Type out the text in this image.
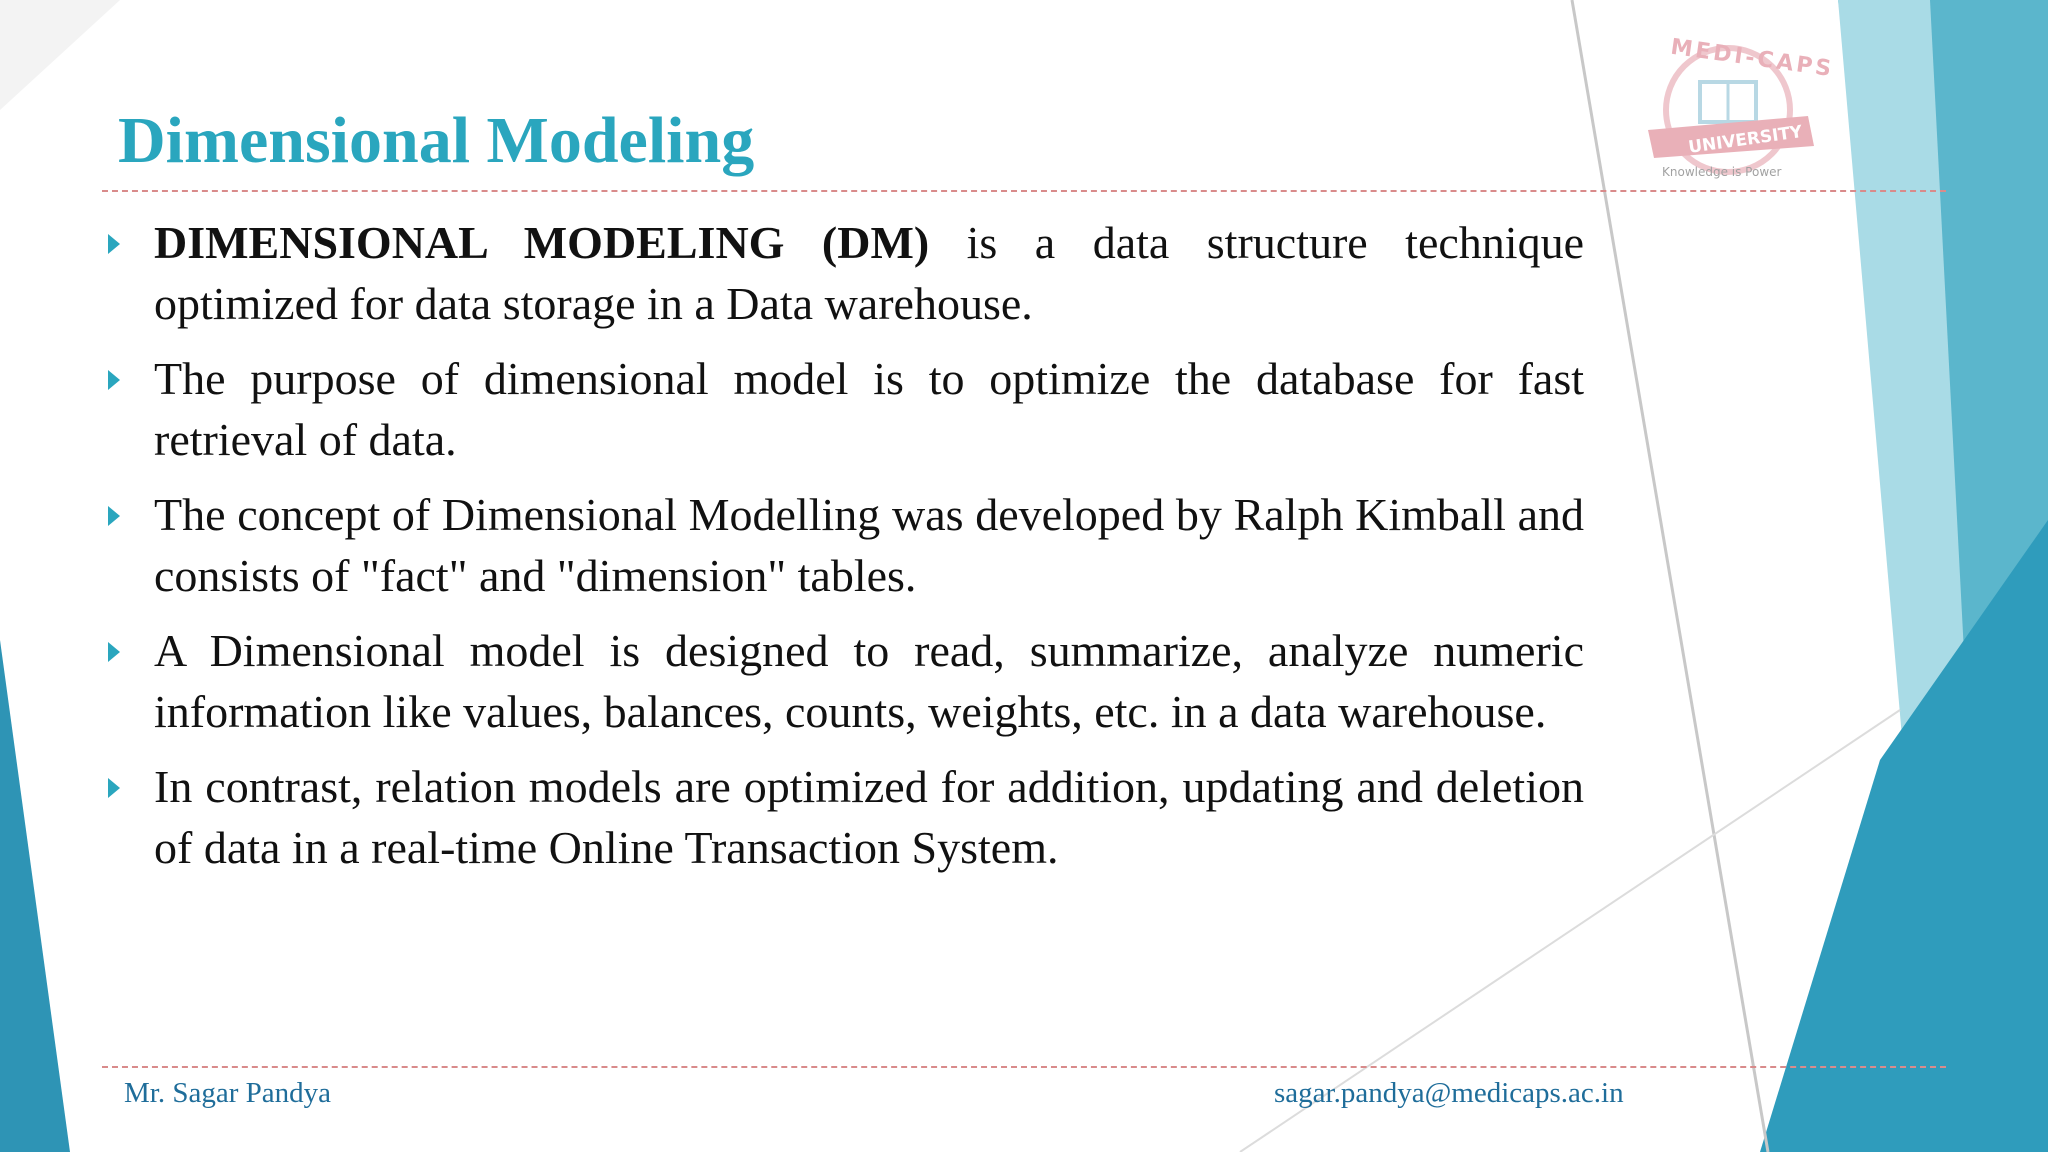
MEDI-CAPS
UNIVERSITY
Knowledge is Power
Dimensional Modeling
DIMENSIONAL MODELING (DM) is a data structure technique optimized for data storage in a Data warehouse.
The purpose of dimensional model is to optimize the database for fast retrieval of data.
The concept of Dimensional Modelling was developed by Ralph Kimball and consists of "fact" and "dimension" tables.
A Dimensional model is designed to read, summarize, analyze numeric information like values, balances, counts, weights, etc. in a data warehouse.
In contrast, relation models are optimized for addition, updating and deletion of data in a real-time Online Transaction System.
Mr. Sagar Pandya	sagar.pandya@medicaps.ac.in
